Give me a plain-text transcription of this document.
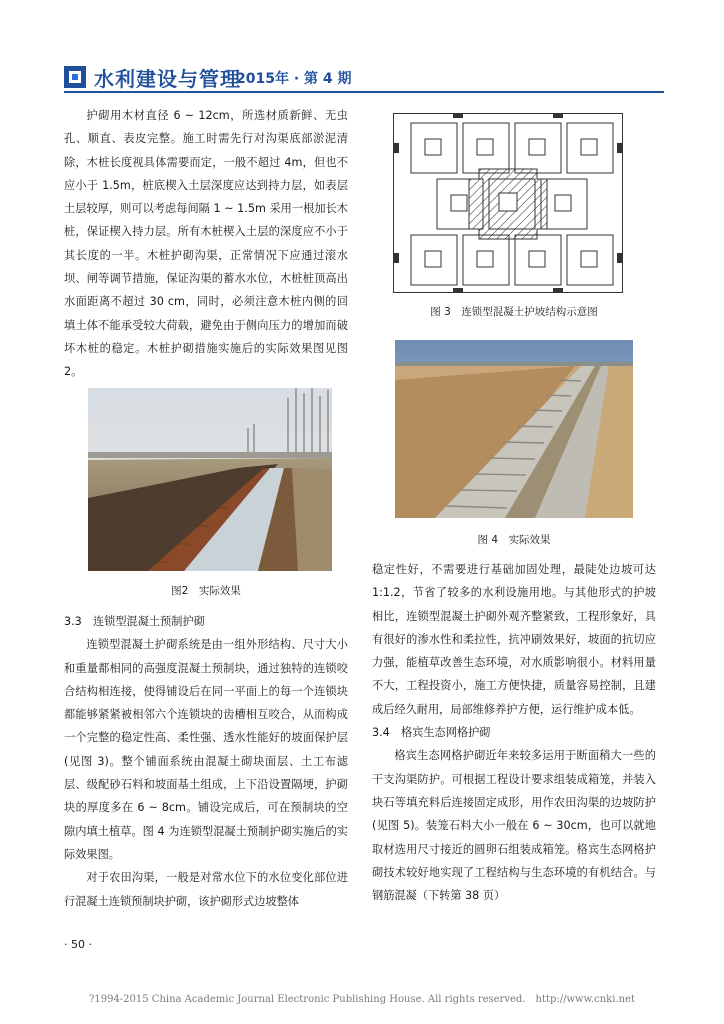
水利建设与管理
2015年 · 第 4 期

护砌用木材直径 6 ~ 12cm，所选材质新鲜、无虫孔、顺直、表皮完整。施工时需先行对沟渠底部淤泥清除，木桩长度视具体需要而定，一般不超过 4m，但也不应小于 1.5m，桩底楔入土层深度应达到持力层，如表层土层较厚，则可以考虑每间隔 1 ~ 1.5m 采用一根加长木桩，保证楔入持力层。所有木桩楔入土层的深度应不小于其长度的一半。木桩护砌沟渠，正常情况下应通过滚水坝、闸等调节措施，保证沟渠的蓄水水位，木桩桩顶高出水面距离不超过 30 cm，同时，必须注意木桩内侧的回填土体不能承受较大荷载，避免由于侧向压力的增加而破坏木桩的稳定。木桩护砌措施实施后的实际效果图见图 2。

图2　实际效果

3.3　连锁型混凝土预制护砌

连锁型混凝土护砌系统是由一组外形结构、尺寸大小和重量都相同的高强度混凝土预制块，通过独特的连锁咬合结构相连接，使得铺设后在同一平面上的每一个连锁块都能够紧紧被相邻六个连锁块的齿槽相互咬合，从而构成一个完整的稳定性高、柔性强、透水性能好的坡面保护层(见图 3)。整个铺面系统由混凝土砌块面层、土工布滤层、级配砂石料和坡面基土组成，上下沿设置隔埂，护砌块的厚度多在 6 ~ 8cm。铺设完成后，可在预制块的空隙内填土植草。图 4 为连锁型混凝土预制护砌实施后的实际效果图。

对于农田沟渠，一般是对常水位下的水位变化部位进行混凝土连锁预制块护砌，该护砌形式边坡整体

图 3　连锁型混凝土护坡结构示意图
图 4　实际效果

稳定性好，不需要进行基础加固处理，最陡处边坡可达 1:1.2，节省了较多的水利设施用地。与其他形式的护坡相比，连锁型混凝土护砌外观齐整紧致，工程形象好，具有很好的渗水性和柔拉性，抗冲刷效果好，坡面的抗切应力强，能植草改善生态环境，对水质影响很小。材料用量不大，工程投资小，施工方便快捷，质量容易控制，且建成后经久耐用，局部维修养护方便，运行维护成本低。

3.4　格宾生态网格护砌

格宾生态网格护砌近年来较多运用于断面稍大一些的干支沟渠防护。可根据工程设计要求组装成箱笼，并装入块石等填充料后连接固定成形，用作农田沟渠的边坡防护(见图 5)。装笼石料大小一般在 6 ~ 30cm，也可以就地取材选用尺寸接近的圆卵石组装成箱笼。格宾生态网格护砌技术较好地实现了工程结构与生态环境的有机结合。与钢筋混凝（下转第 38 页）

· 50 ·
?1994-2015 China Academic Journal Electronic Publishing House. All rights reserved.　http://www.cnki.net
